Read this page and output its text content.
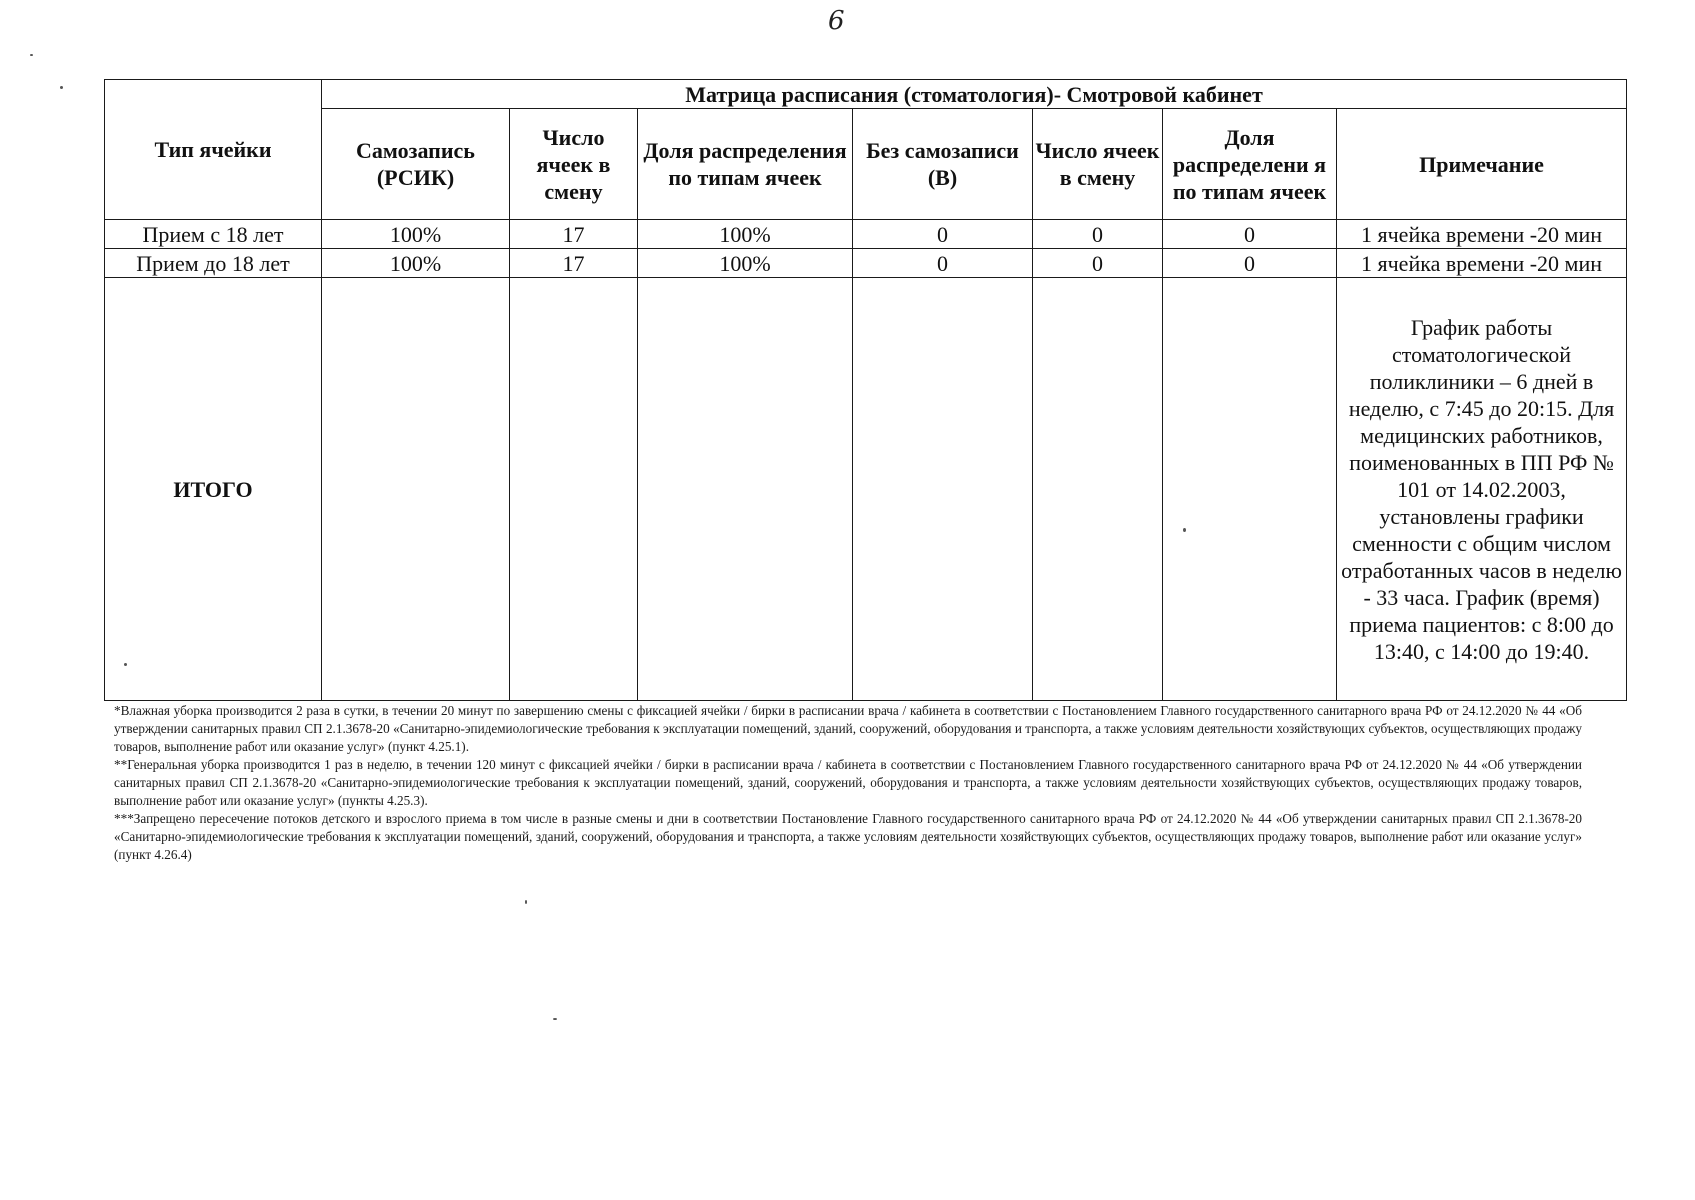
6
Тип ячейки	Матрица расписания (стоматология)- Смотровой кабинет						
	Самозапись (РСИК)	Число ячеек в смену	Доля распределения по типам ячеек	Без самозаписи (В)	Число ячеек в смену	Доля распределени я по типам ячеек	Примечание
Прием с 18 лет	100%	17	100%	0	0	0	1 ячейка времени -20 мин
Прием до 18 лет	100%	17	100%	0	0	0	1 ячейка времени -20 мин
ИТОГО							График работы стоматологической поликлиники – 6 дней в неделю, с 7:45 до 20:15. Для медицинских работников, поименованных в ПП РФ № 101 от 14.02.2003, установлены графики сменности с общим числом отработанных часов в неделю - 33 часа. График (время) приема пациентов: с 8:00 до 13:40, с 14:00 до 19:40.

*Влажная уборка производится 2 раза в сутки, в течении 20 минут по завершению смены с фиксацией ячейки / бирки в расписании врача / кабинета в соответствии с Постановлением Главного государственного санитарного врача РФ от 24.12.2020 № 44 «Об утверждении санитарных правил СП 2.1.3678-20 «Санитарно-эпидемиологические требования к эксплуатации помещений, зданий, сооружений, оборудования и транспорта, а также условиям деятельности хозяйствующих субъектов, осуществляющих продажу товаров, выполнение работ или оказание услуг» (пункт 4.25.1).

**Генеральная уборка производится 1 раз в неделю, в течении 120 минут с фиксацией ячейки / бирки в расписании врача / кабинета в соответствии с Постановлением Главного государственного санитарного врача РФ от 24.12.2020 № 44 «Об утверждении санитарных правил СП 2.1.3678-20 «Санитарно-эпидемиологические требования к эксплуатации помещений, зданий, сооружений, оборудования и транспорта, а также условиям деятельности хозяйствующих субъектов, осуществляющих продажу товаров, выполнение работ или оказание услуг» (пункты 4.25.3).

***Запрещено пересечение потоков детского и взрослого приема в том числе в разные смены и дни в соответствии Постановление Главного государственного санитарного врача РФ от 24.12.2020 № 44 «Об утверждении санитарных правил СП 2.1.3678-20 «Санитарно-эпидемиологические требования к эксплуатации помещений, зданий, сооружений, оборудования и транспорта, а также условиям деятельности хозяйствующих субъектов, осуществляющих продажу товаров, выполнение работ или оказание услуг» (пункт 4.26.4)
